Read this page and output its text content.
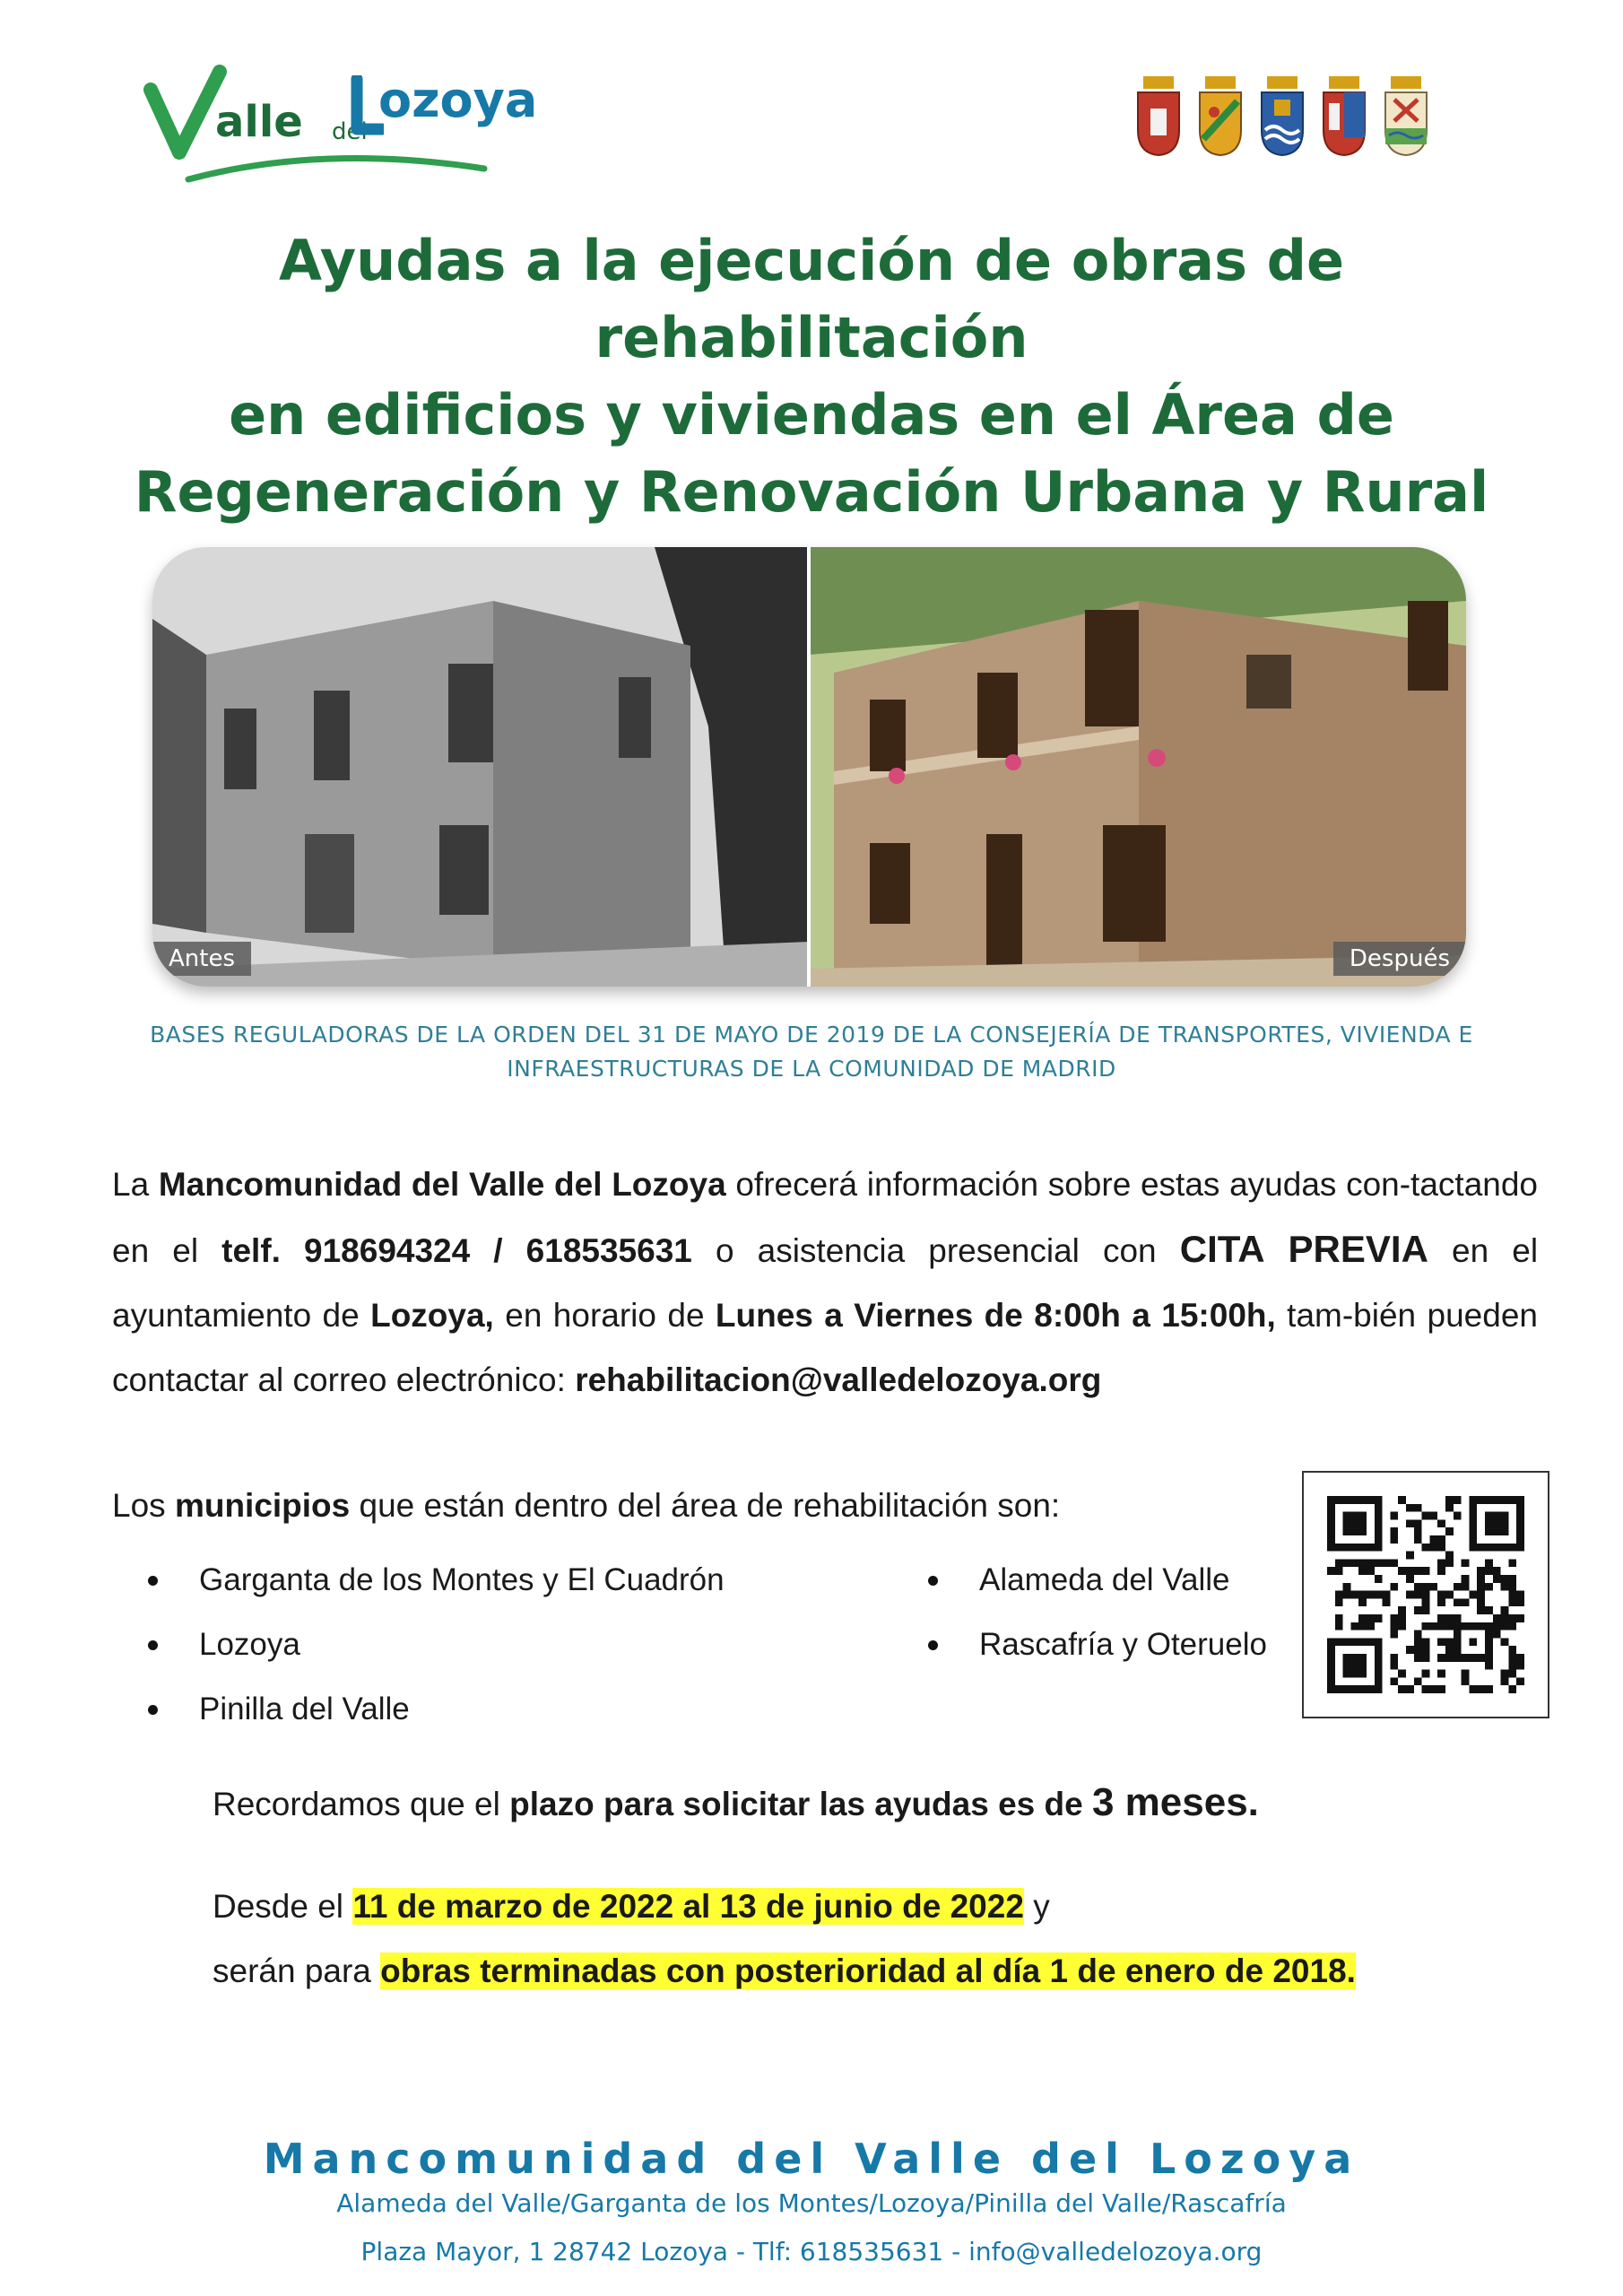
alle del
ozoya
Ayudas a la ejecución de obras de rehabilitación
en edificios y viviendas en el Área de
Regeneración y Renovación Urbana y Rural
Antes	Después
BASES REGULADORAS DE LA ORDEN DEL 31 DE MAYO DE 2019 DE LA CONSEJERÍA DE TRANSPORTES, VIVIENDA E
INFRAESTRUCTURAS DE LA COMUNIDAD DE MADRID
La Mancomunidad del Valle del Lozoya ofrecerá información sobre estas ayudas con-tactando en el telf. 918694324 / 618535631 o asistencia presencial con CITA PREVIA en el ayuntamiento de Lozoya, en horario de Lunes a Viernes de 8:00h a 15:00h, tam-bién pueden contactar al correo electrónico: rehabilitacion@valledelozoya.org
Los municipios que están dentro del área de rehabilitación son:
Garganta de los Montes y El Cuadrón
Lozoya
Pinilla del Valle
Alameda del Valle
Rascafría y Oteruelo
Recordamos que el plazo para solicitar las ayudas es de 3 meses.
Desde el 11 de marzo de 2022 al 13 de junio de 2022 y
serán para obras terminadas con posterioridad al día 1 de enero de 2018.
Mancomunidad del Valle del Lozoya
Alameda del Valle/Garganta de los Montes/Lozoya/Pinilla del Valle/Rascafría
Plaza Mayor, 1 28742 Lozoya - Tlf: 618535631 - info@valledelozoya.org
